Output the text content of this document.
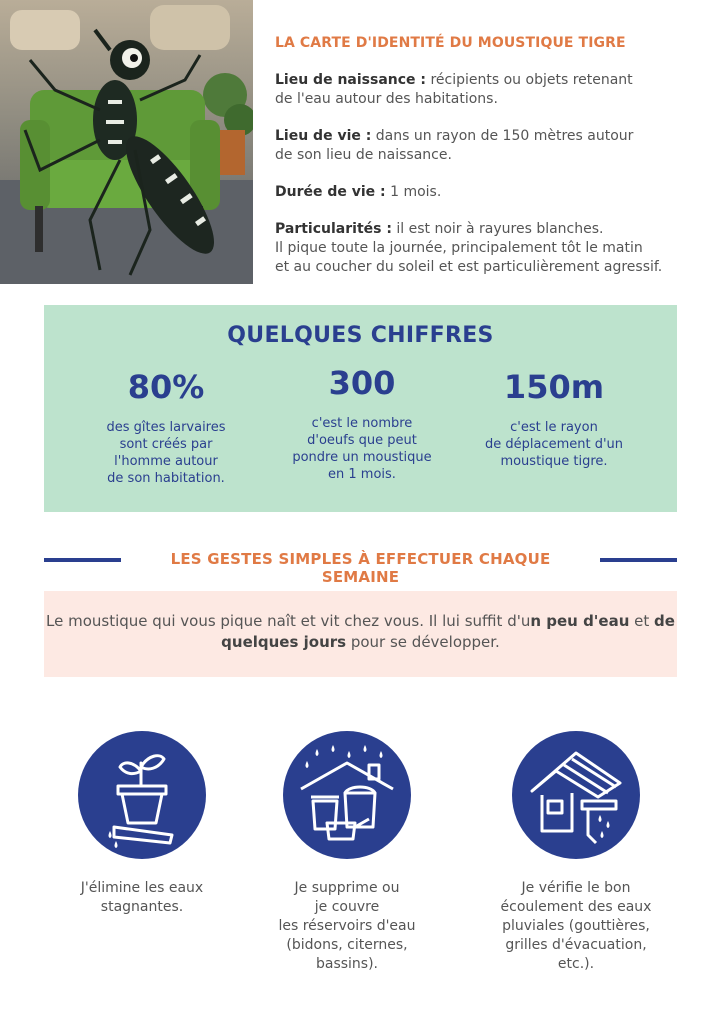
LA CARTE D'IDENTITÉ DU MOUSTIQUE TIGRE

Lieu de naissance : récipients ou objets retenant
de l'eau autour des habitations.

Lieu de vie : dans un rayon de 150 mètres autour
de son lieu de naissance.

Durée de vie : 1 mois.

Particularités : il est noir à rayures blanches.
Il pique toute la journée, principalement tôt le matin
et au coucher du soleil et est particulièrement agressif.

QUELQUES CHIFFRES
80%
des gîtes larvaires
sont créés par
l'homme autour
de son habitation.
300
c'est le nombre
d'oeufs que peut
pondre un moustique
en 1 mois.
150m
c'est le rayon
de déplacement d'un
moustique tigre.
LES GESTES SIMPLES À EFFECTUER CHAQUE SEMAINE
Le moustique qui vous pique naît et vit chez vous. Il lui suffit d'un peu d'eau et de quelques jours pour se développer.
J'élimine les eaux
stagnantes.
Je supprime ou
je couvre
les réservoirs d'eau
(bidons, citernes,
bassins).
Je vérifie le bon
écoulement des eaux
pluviales (gouttières,
grilles d'évacuation,
etc.).
